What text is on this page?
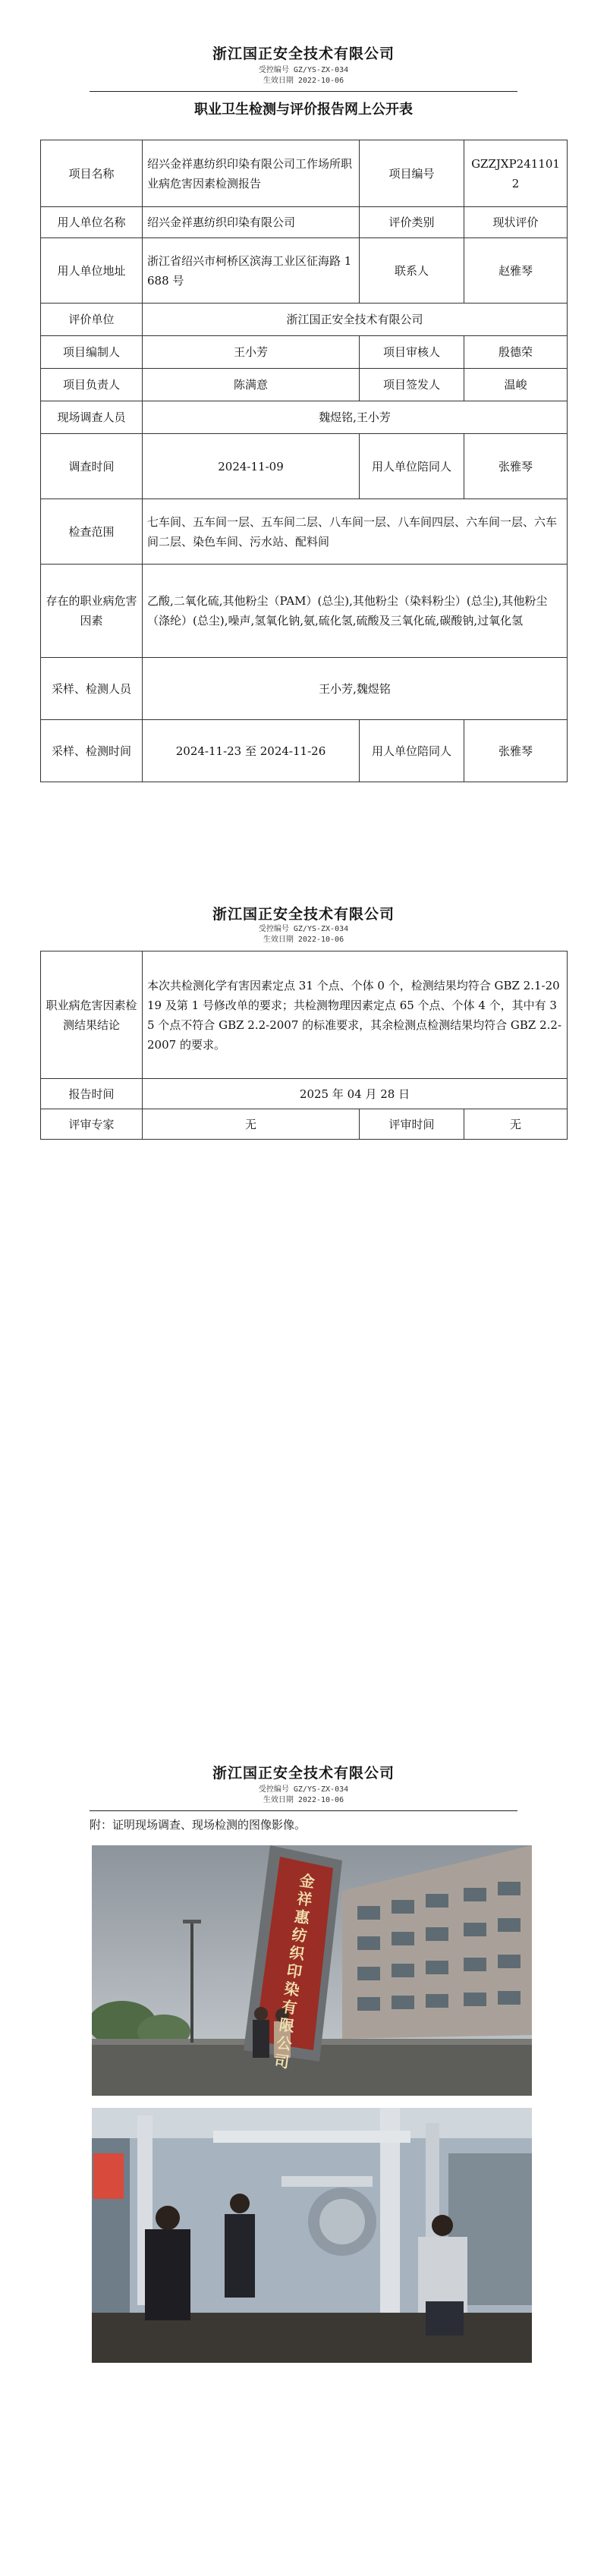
浙江国正安全技术有限公司
受控编号 GZ/YS-ZX-034
生效日期 2022-10-06
职业卫生检测与评价报告网上公开表
项目名称	绍兴金祥惠纺织印染有限公司工作场所职业病危害因素检测报告	项目编号	GZZJXP2411012
用人单位名称	绍兴金祥惠纺织印染有限公司	评价类别	现状评价
用人单位地址	浙江省绍兴市柯桥区滨海工业区征海路 1688 号	联系人	赵雅琴
评价单位	浙江国正安全技术有限公司		
项目编制人	王小芳	项目审核人	殷德荣
项目负责人	陈满意	项目签发人	温峻
现场调查人员	魏煜铭,王小芳		
调查时间	2024-11-09	用人单位陪同人	张雅琴
检查范围	七车间、五车间一层、五车间二层、八车间一层、八车间四层、六车间一层、六车间二层、染色车间、污水站、配料间		
存在的职业病危害因素	乙酸,二氧化硫,其他粉尘（PAM）(总尘),其他粉尘（染料粉尘）(总尘),其他粉尘（涤纶）(总尘),噪声,氢氧化钠,氨,硫化氢,硫酸及三氧化硫,碳酸钠,过氧化氢		
采样、检测人员	王小芳,魏煜铭		
采样、检测时间	2024-11-23 至 2024-11-26	用人单位陪同人	张雅琴
浙江国正安全技术有限公司
受控编号 GZ/YS-ZX-034
生效日期 2022-10-06
职业病危害因素检测结果结论	本次共检测化学有害因素定点 31 个点、个体 0 个，检测结果均符合 GBZ 2.1-2019 及第 1 号修改单的要求；共检测物理因素定点 65 个点、个体 4 个，其中有 35 个点不符合 GBZ 2.2-2007 的标准要求，其余检测点检测结果均符合 GBZ 2.2-2007 的要求。		
报告时间	2025 年 04 月 28 日		
评审专家	无	评审时间	无
浙江国正安全技术有限公司
受控编号 GZ/YS-ZX-034
生效日期 2022-10-06
附：证明现场调查、现场检测的图像影像。
金祥惠纺织印染有限公司
